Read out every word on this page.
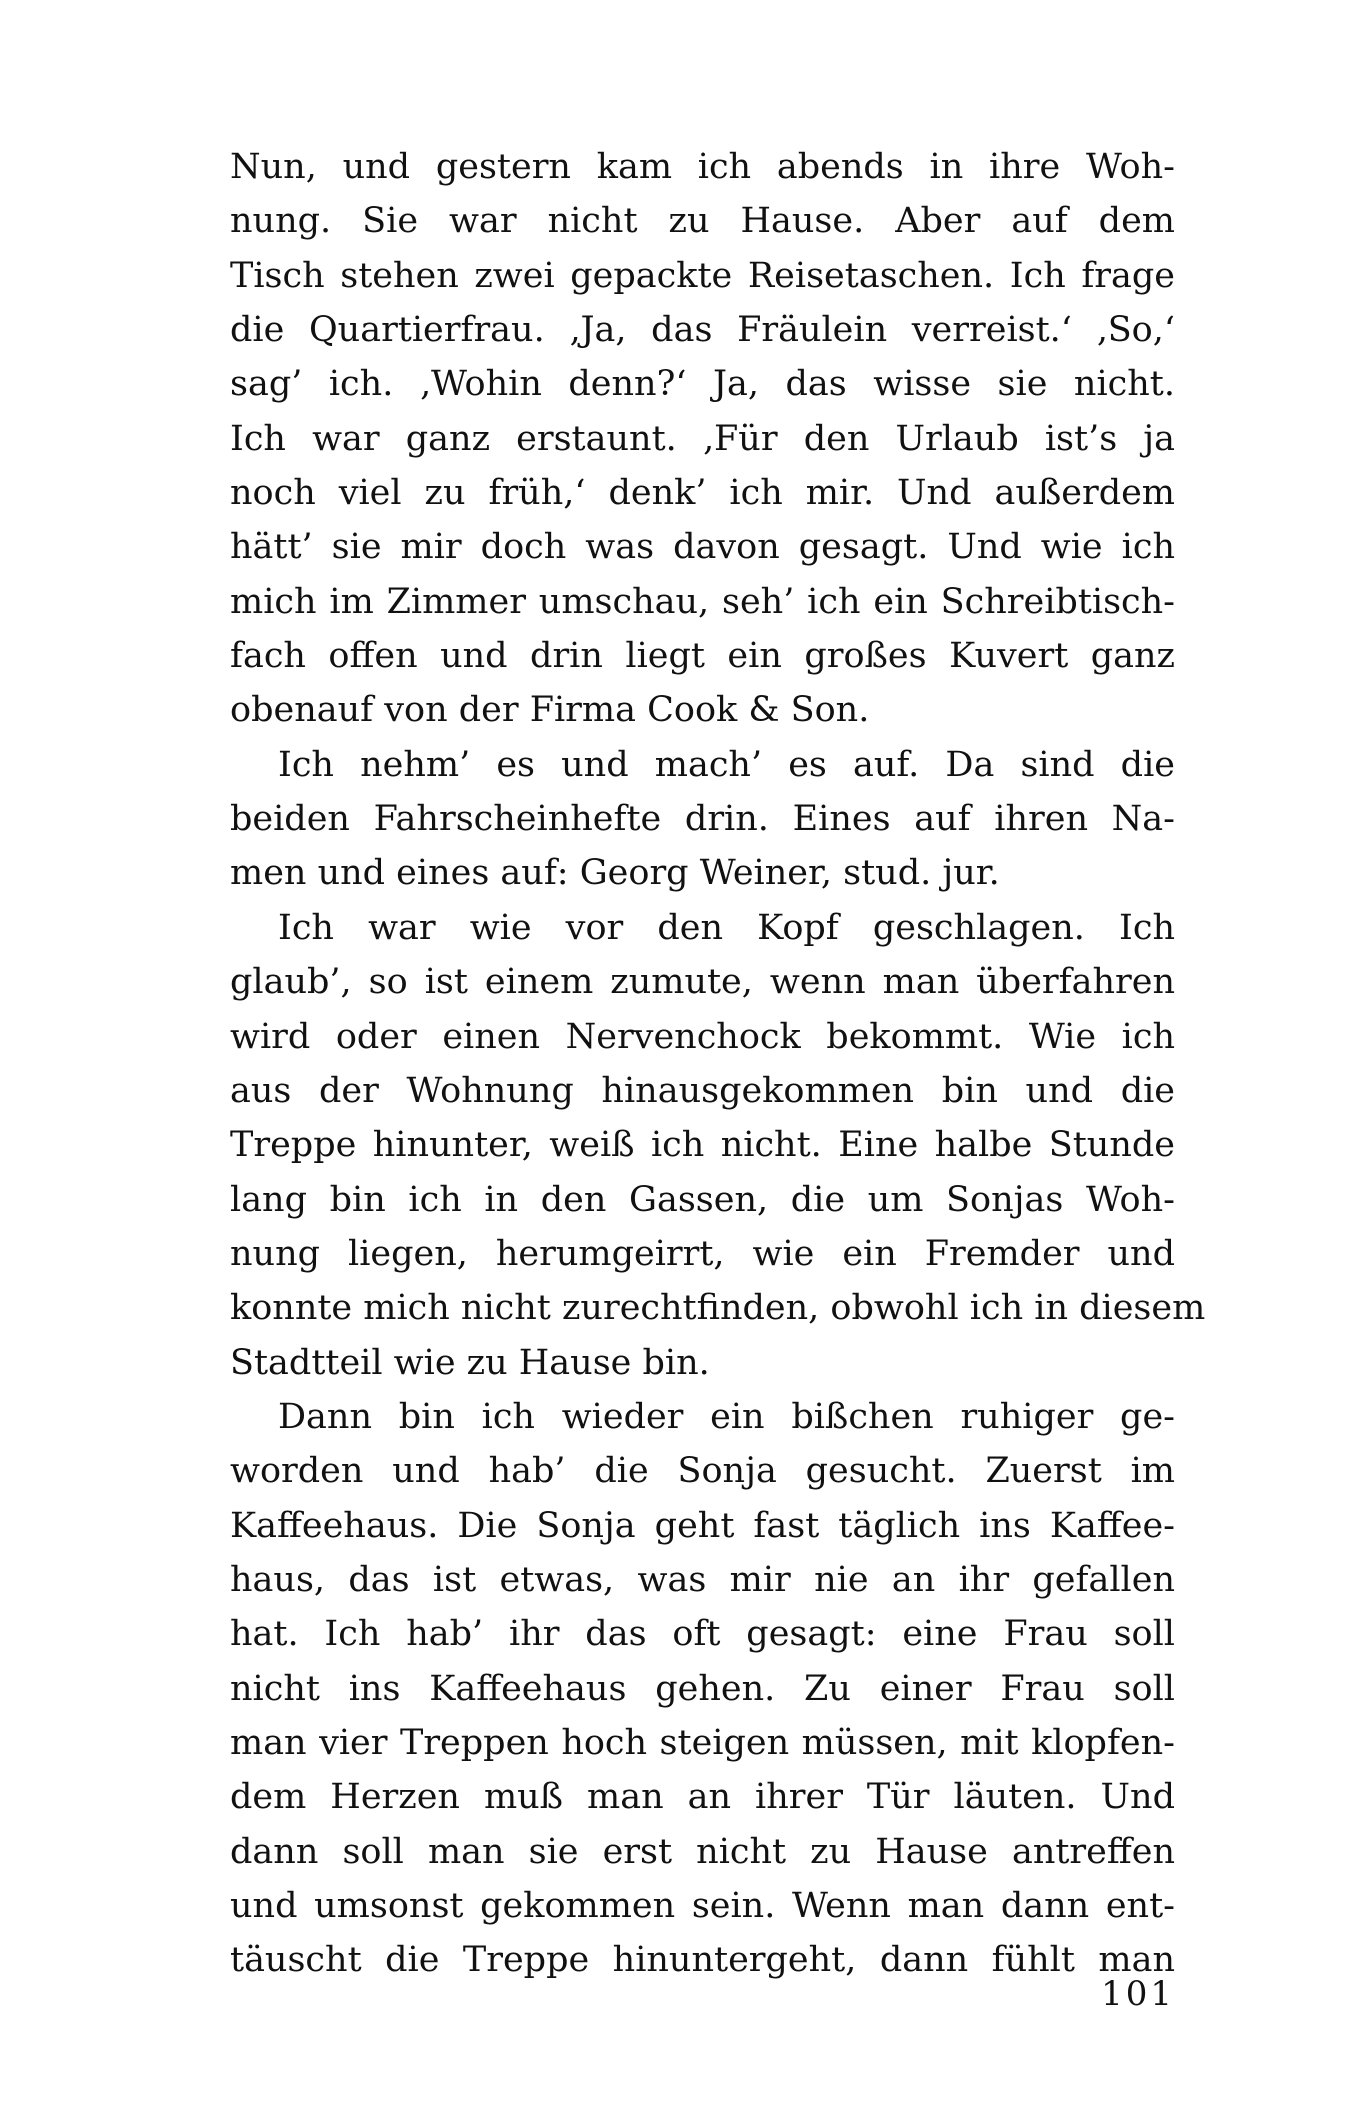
Nun, und gestern kam ich abends in ihre Woh-
nung. Sie war nicht zu Hause. Aber auf dem
Tisch stehen zwei gepackte Reisetaschen. Ich frage
die Quartierfrau. ‚Ja, das Fräulein verreist.‘ ‚So,‘
sag’ ich. ‚Wohin denn?‘ Ja, das wisse sie nicht.
Ich war ganz erstaunt. ‚Für den Urlaub ist’s ja
noch viel zu früh,‘ denk’ ich mir. Und außerdem
hätt’ sie mir doch was davon gesagt. Und wie ich
mich im Zimmer umschau, seh’ ich ein Schreibtisch-
fach offen und drin liegt ein großes Kuvert ganz
obenauf von der Firma Cook & Son.

Ich nehm’ es und mach’ es auf. Da sind die
beiden Fahrscheinhefte drin. Eines auf ihren Na-
men und eines auf: Georg Weiner, stud. jur.

Ich war wie vor den Kopf geschlagen. Ich
glaub’, so ist einem zumute, wenn man überfahren
wird oder einen Nervenchock bekommt. Wie ich
aus der Wohnung hinausgekommen bin und die
Treppe hinunter, weiß ich nicht. Eine halbe Stunde
lang bin ich in den Gassen, die um Sonjas Woh-
nung liegen, herumgeirrt, wie ein Fremder und
konnte mich nicht zurechtfinden, obwohl ich in diesem
Stadtteil wie zu Hause bin.

Dann bin ich wieder ein bißchen ruhiger ge-
worden und hab’ die Sonja gesucht. Zuerst im
Kaffeehaus. Die Sonja geht fast täglich ins Kaffee-
haus, das ist etwas, was mir nie an ihr gefallen
hat. Ich hab’ ihr das oft gesagt: eine Frau soll
nicht ins Kaffeehaus gehen. Zu einer Frau soll
man vier Treppen hoch steigen müssen, mit klopfen-
dem Herzen muß man an ihrer Tür läuten. Und
dann soll man sie erst nicht zu Hause antreffen
und umsonst gekommen sein. Wenn man dann ent-
täuscht die Treppe hinuntergeht, dann fühlt man

101
